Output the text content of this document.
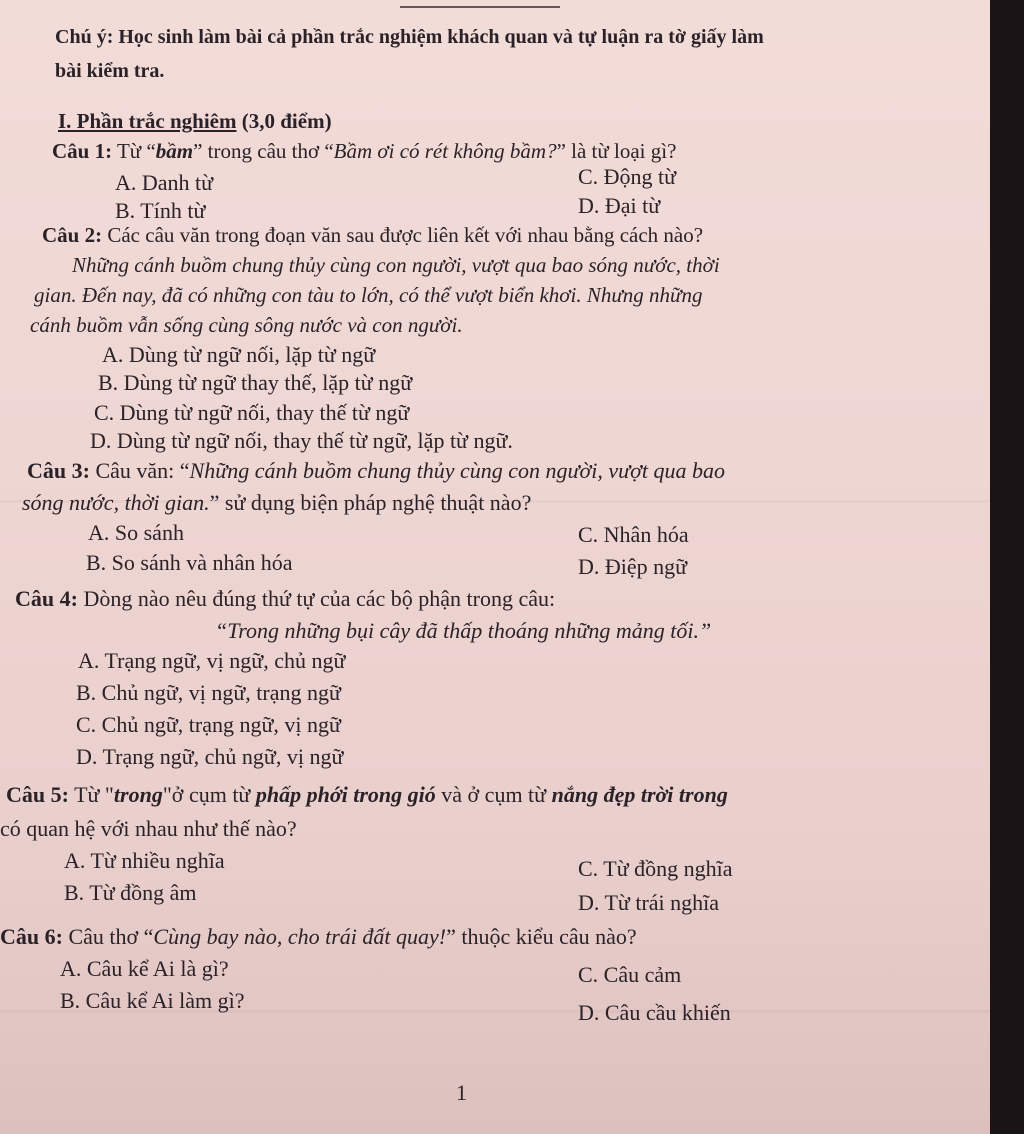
Chú ý: Học sinh làm bài cả phần trắc nghiệm khách quan và tự luận ra tờ giấy làm
bài kiểm tra.
I. Phần trắc nghiêm (3,0 điểm)
Câu 1: Từ “bầm” trong câu thơ “Bầm ơi có rét không bầm?” là từ loại gì?
A. Danh từ
B. Tính từ
C. Động từ
D. Đại từ
Câu 2: Các câu văn trong đoạn văn sau được liên kết với nhau bằng cách nào?
Những cánh buồm chung thủy cùng con người, vượt qua bao sóng nước, thời
gian. Đến nay, đã có những con tàu to lớn, có thể vượt biển khơi. Nhưng những
cánh buồm vẫn sống cùng sông nước và con người.
A. Dùng từ ngữ nối, lặp từ ngữ
B. Dùng từ ngữ thay thế, lặp từ ngữ
C. Dùng từ ngữ nối, thay thế từ ngữ
D. Dùng từ ngữ nối, thay thế từ ngữ, lặp từ ngữ.
Câu 3: Câu văn: “Những cánh buồm chung thủy cùng con người, vượt qua bao
sóng nước, thời gian.” sử dụng biện pháp nghệ thuật nào?
A. So sánh
B. So sánh và nhân hóa
C. Nhân hóa
D. Điệp ngữ
Câu 4: Dòng nào nêu đúng thứ tự của các bộ phận trong câu:
“Trong những bụi cây đã thấp thoáng những mảng tối.”
A. Trạng ngữ, vị ngữ, chủ ngữ
B. Chủ ngữ, vị ngữ, trạng ngữ
C. Chủ ngữ, trạng ngữ, vị ngữ
D. Trạng ngữ, chủ ngữ, vị ngữ
Câu 5: Từ "trong"ở cụm từ phấp phới trong gió và ở cụm từ nắng đẹp trời trong
có quan hệ với nhau như thế nào?
A. Từ nhiều nghĩa
B. Từ đồng âm
C. Từ đồng nghĩa
D. Từ trái nghĩa
Câu 6: Câu thơ “Cùng bay nào, cho trái đất quay!” thuộc kiểu câu nào?
A. Câu kể Ai là gì?
B. Câu kể Ai làm gì?
C. Câu cảm
D. Câu cầu khiến
1
